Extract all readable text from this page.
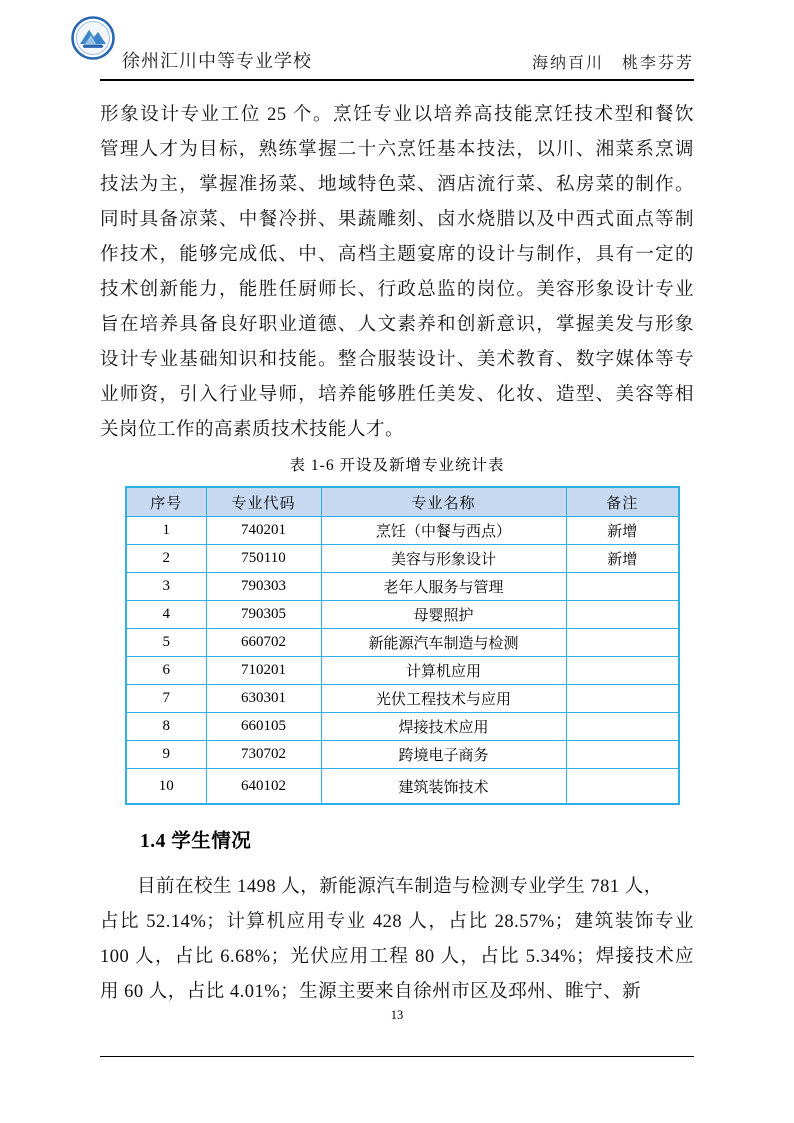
徐州汇川中等专业学校	海纳百川　桃李芬芳
形象设计专业工位 25 个。烹饪专业以培养高技能烹饪技术型和餐饮
管理人才为目标，熟练掌握二十六烹饪基本技法，以川、湘菜系烹调
技法为主，掌握准扬菜、地域特色菜、酒店流行菜、私房菜的制作。
同时具备凉菜、中餐冷拼、果蔬雕刻、卤水烧腊以及中西式面点等制
作技术，能够完成低、中、高档主题宴席的设计与制作，具有一定的
技术创新能力，能胜任厨师长、行政总监的岗位。美容形象设计专业
旨在培养具备良好职业道德、人文素养和创新意识，掌握美发与形象
设计专业基础知识和技能。整合服装设计、美术教育、数字媒体等专
业师资，引入行业导师，培养能够胜任美发、化妆、造型、美容等相
关岗位工作的高素质技术技能人才。
表 1-6 开设及新增专业统计表
序号	专业代码	专业名称	备注
1	740201	烹饪（中餐与西点）	新增
2	750110	美容与形象设计	新增
3	790303	老年人服务与管理	
4	790305	母婴照护	
5	660702	新能源汽车制造与检测	
6	710201	计算机应用	
7	630301	光伏工程技术与应用	
8	660105	焊接技术应用	
9	730702	跨境电子商务	
10	640102	建筑装饰技术	
1.4 学生情况
目前在校生 1498 人，新能源汽车制造与检测专业学生 781 人，
占比 52.14%；计算机应用专业 428 人，占比 28.57%；建筑装饰专业
100 人，占比 6.68%；光伏应用工程 80 人，占比 5.34%；焊接技术应
用 60 人，占比 4.01%；生源主要来自徐州市区及邳州、睢宁、新
13
